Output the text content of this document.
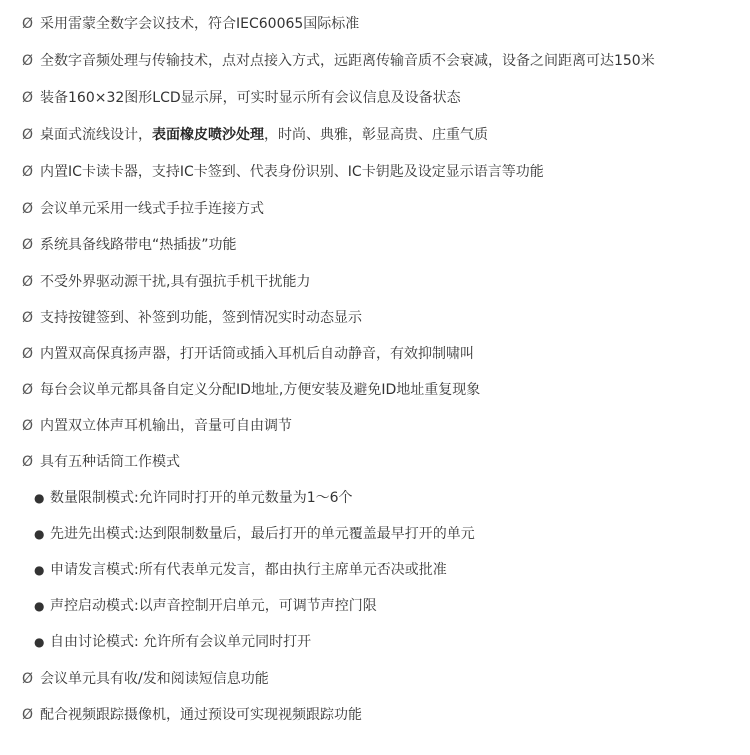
Ø 采用雷蒙全数字会议技术，符合IEC60065国际标准
Ø 全数字音频处理与传输技术，点对点接入方式，远距离传输音质不会衰减，设备之间距离可达150米
Ø 装备160×32图形LCD显示屏，可实时显示所有会议信息及设备状态
Ø 桌面式流线设计， 表面橡皮喷沙处理 ，时尚、典雅，彰显高贵、庄重气质
Ø 内置IC卡读卡器，支持IC卡签到、代表身份识别、IC卡钥匙及设定显示语言等功能
Ø 会议单元采用一线式手拉手连接方式
Ø 系统具备线路带电“热插拔”功能
Ø 不受外界驱动源干扰,具有强抗手机干扰能力
Ø 支持按键签到、补签到功能，签到情况实时动态显示
Ø 内置双高保真扬声器，打开话筒或插入耳机后自动静音，有效抑制啸叫
Ø 每台会议单元都具备自定义分配ID地址,方便安装及避免ID地址重复现象
Ø 内置双立体声耳机输出，音量可自由调节
Ø 具有五种话筒工作模式
● 数量限制模式:允许同时打开的单元数量为1～6个
● 先进先出模式:达到限制数量后，最后打开的单元覆盖最早打开的单元
● 申请发言模式:所有代表单元发言，都由执行主席单元否决或批准
● 声控启动模式:以声音控制开启单元，可调节声控门限
● 自由讨论模式: 允许所有会议单元同时打开
Ø 会议单元具有收/发和阅读短信息功能
Ø 配合视频跟踪摄像机，通过预设可实现视频跟踪功能
